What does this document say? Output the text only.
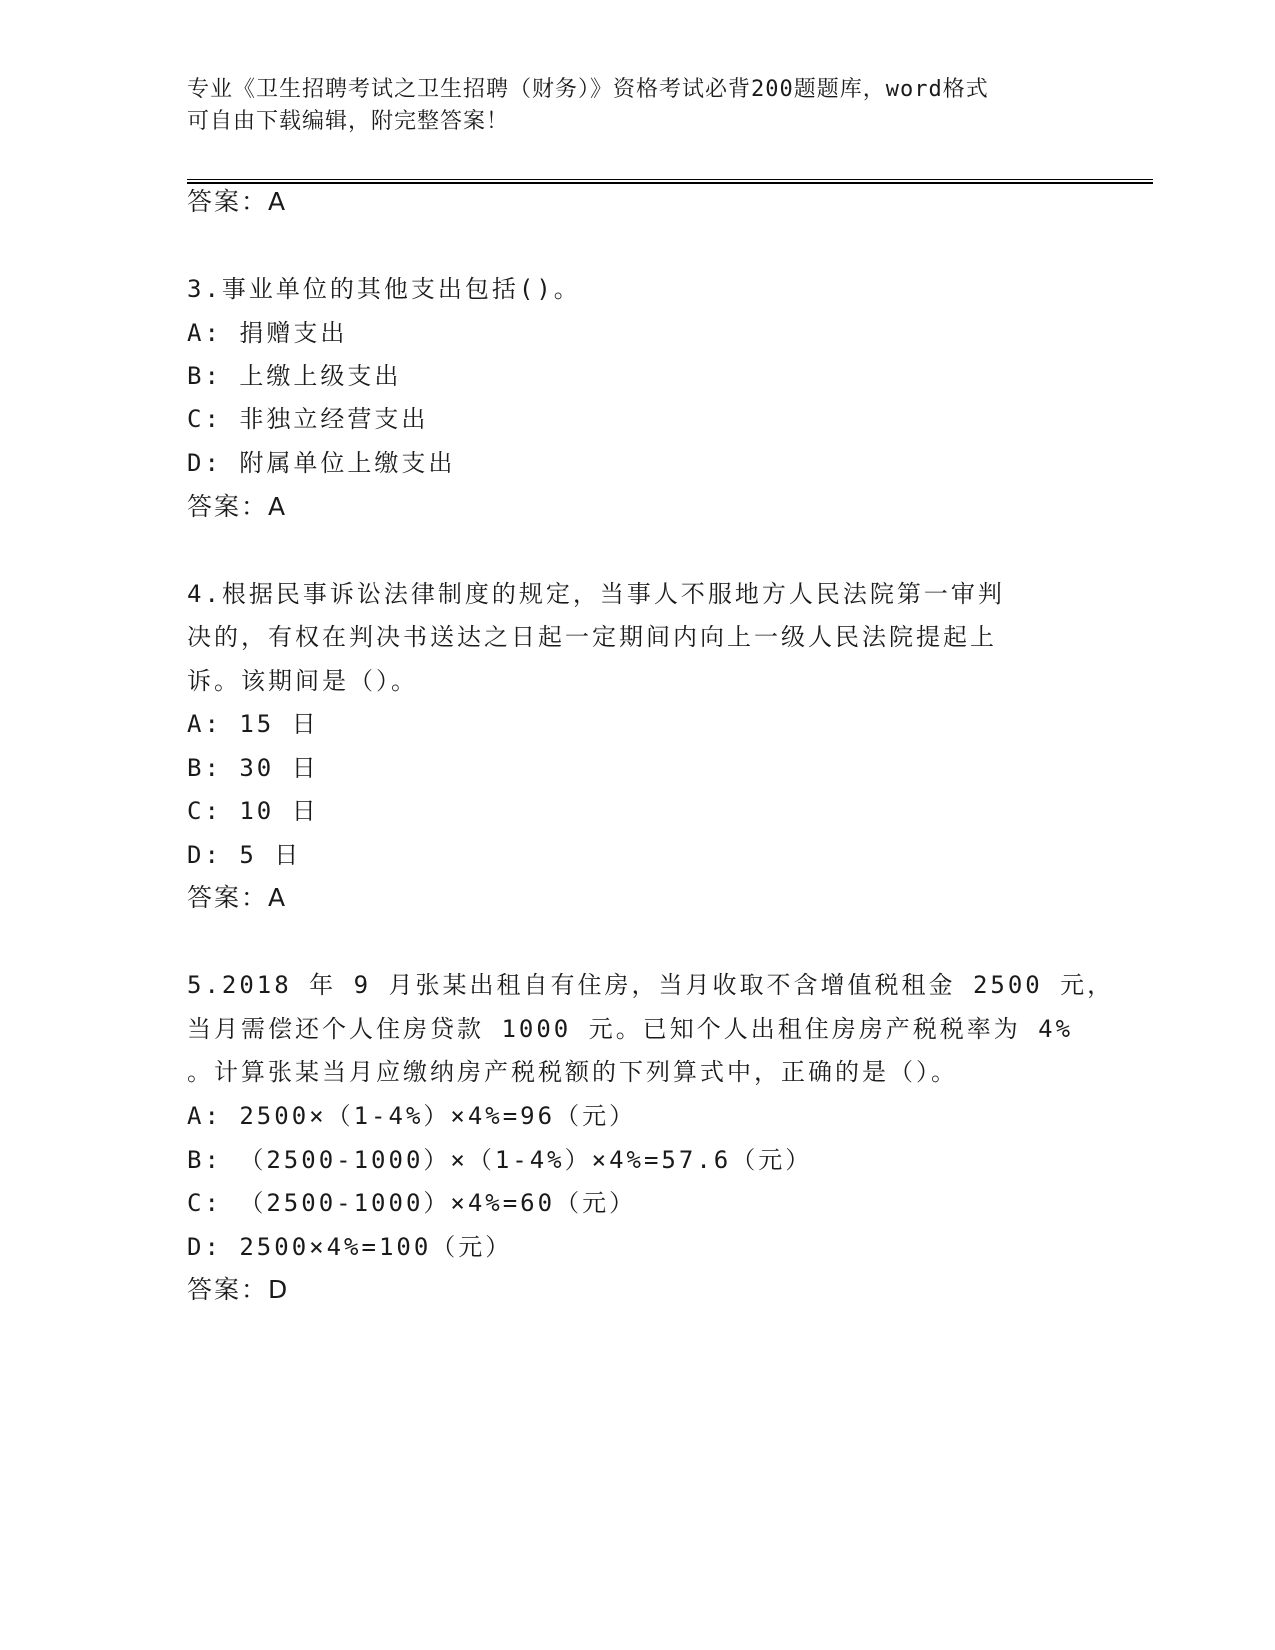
专业《卫生招聘考试之卫生招聘（财务）》资格考试必背200题题库，word格式
可自由下载编辑，附完整答案！
答案：A
3.事业单位的其他支出包括()。
A: 捐赠支出
B: 上缴上级支出
C: 非独立经营支出
D: 附属单位上缴支出
答案：A
4.根据民事诉讼法律制度的规定，当事人不服地方人民法院第一审判
决的，有权在判决书送达之日起一定期间内向上一级人民法院提起上
诉。该期间是（）。
A: 15 日
B: 30 日
C: 10 日
D: 5 日
答案：A
5.2018 年 9 月张某出租自有住房，当月收取不含增值税租金 2500 元，
当月需偿还个人住房贷款 1000 元。已知个人出租住房房产税税率为 4%
。计算张某当月应缴纳房产税税额的下列算式中，正确的是（）。
A: 2500×（1-4%）×4%=96（元）
B: （2500-1000）×（1-4%）×4%=57.6（元）
C: （2500-1000）×4%=60（元）
D: 2500×4%=100（元）
答案：D
